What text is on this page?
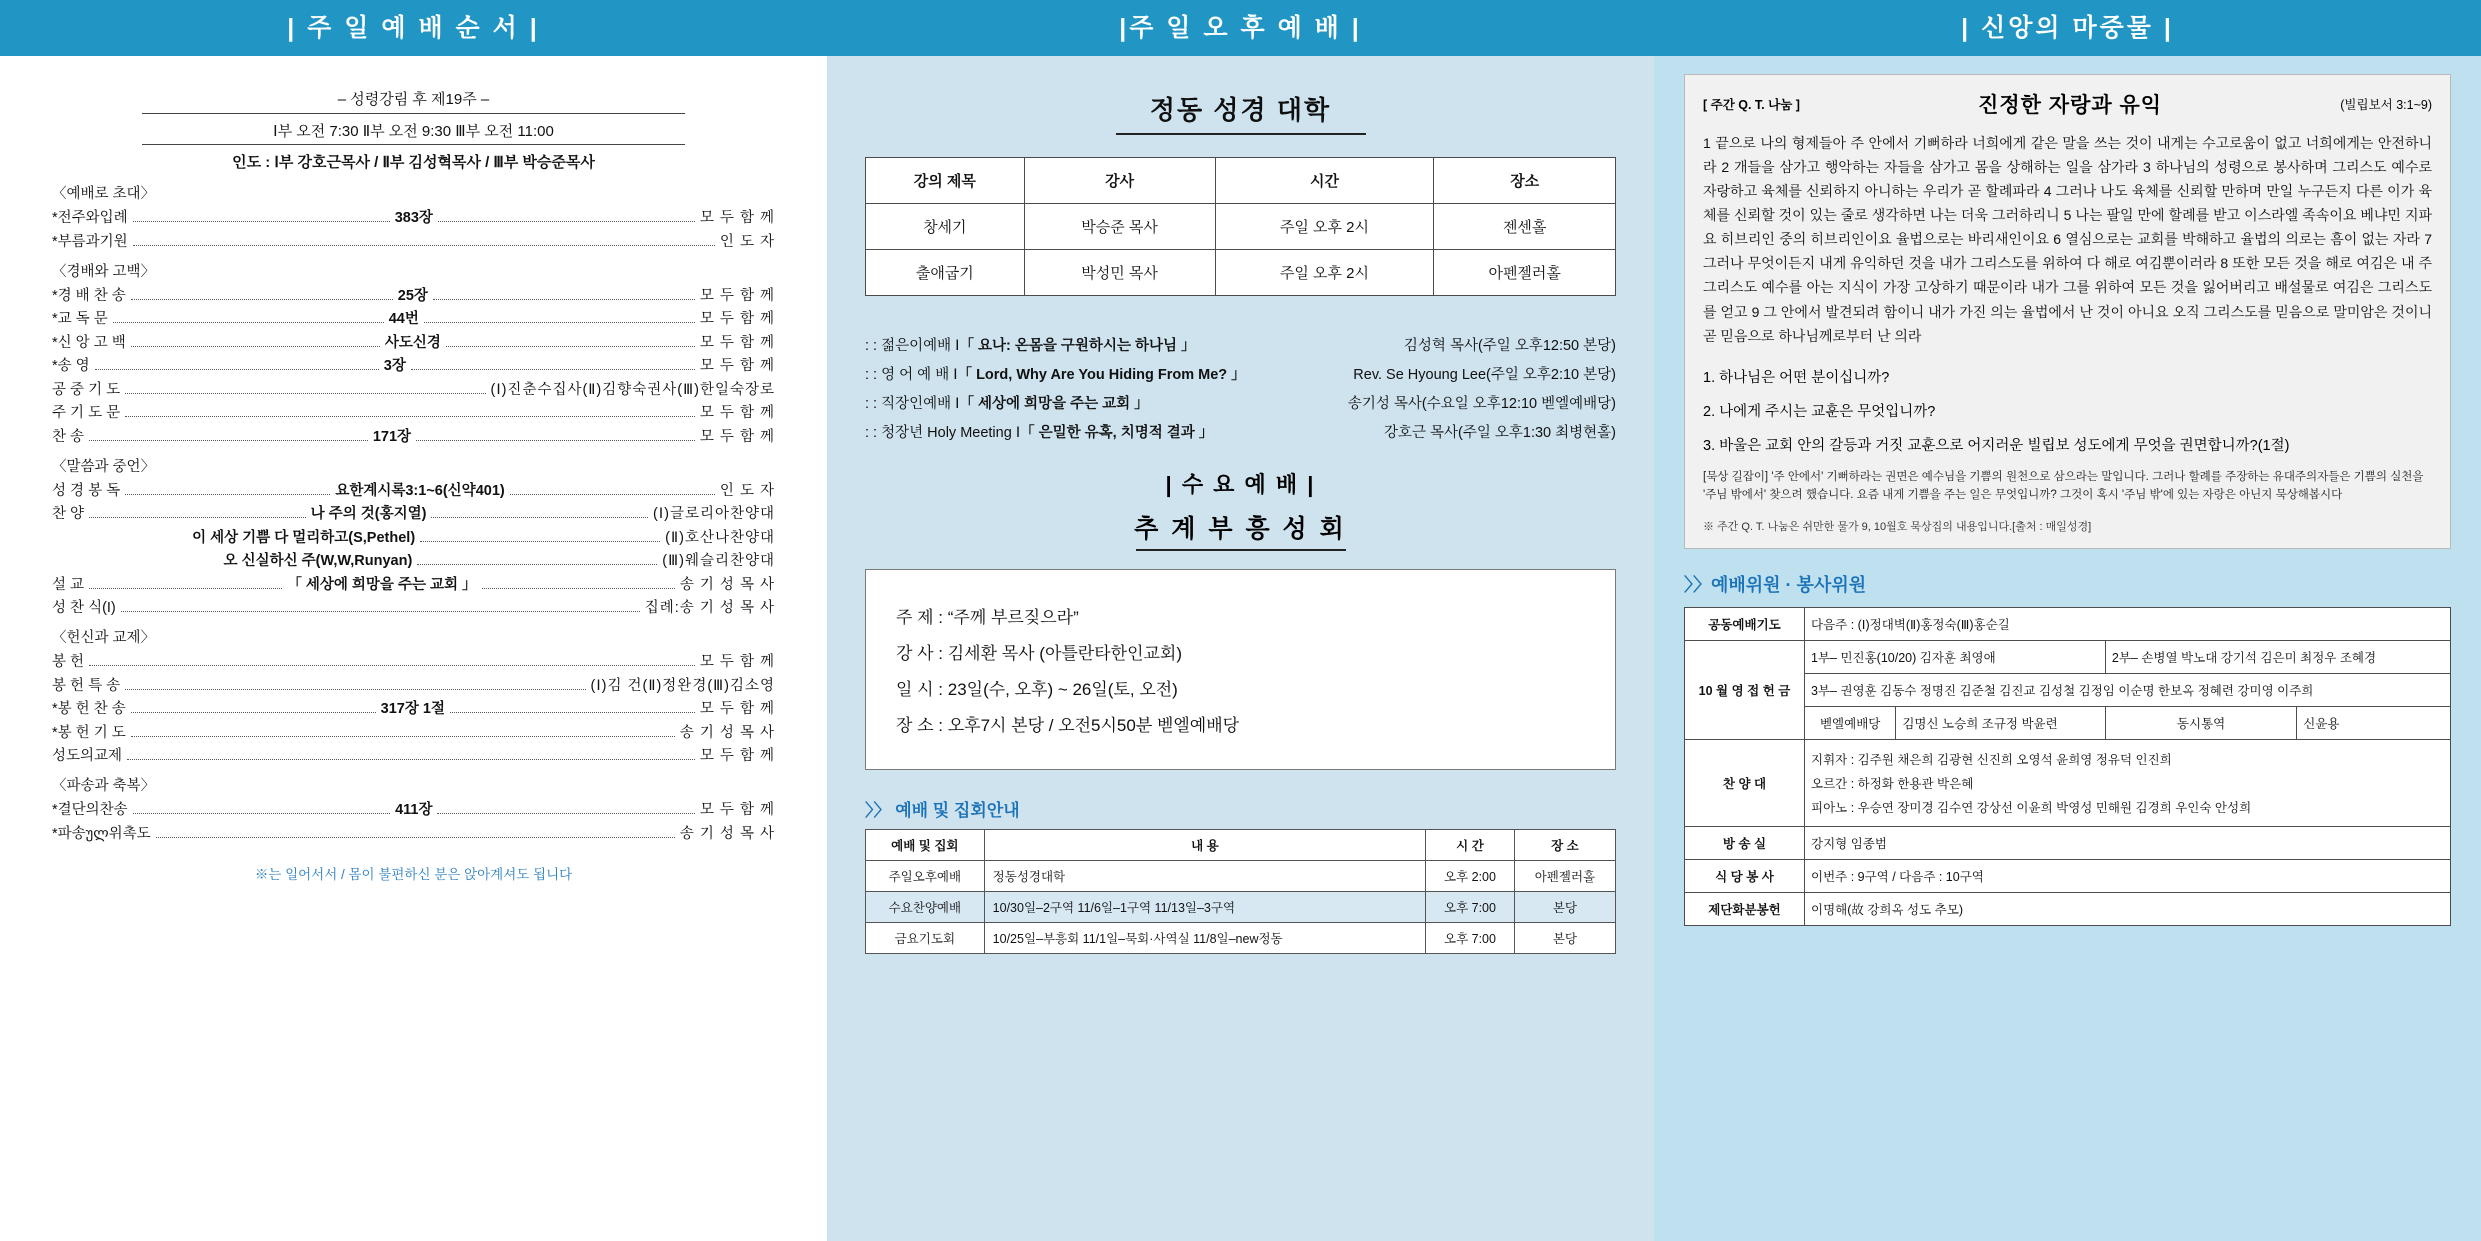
| 주 일 예 배 순 서 |
– 성령강림 후 제19주 –
Ⅰ부 오전 7:30 Ⅱ부 오전 9:30 Ⅲ부 오전 11:00
인도 : Ⅰ부 강호근목사 / Ⅱ부 김성혁목사 / Ⅲ부 박승준목사
〈예배로 초대〉
*전주와입례	383장	모 두 함 께
*부름과기원	인 도 자
〈경배와 고백〉
*경 배 찬 송	25장	모 두 함 께
*교 독 문	44번	모 두 함 께
*신 앙 고 백	사도신경	모 두 함 께
*송 영	3장	모 두 함 께
공 중 기 도	(Ⅰ)진춘수집사(Ⅱ)김향숙권사(Ⅲ)한일숙장로
주 기 도 문	모 두 함 께
찬 송	171장	모 두 함 께
〈말씀과 중언〉
성 경 봉 독	요한계시록3:1~6(신약401)	인 도 자
찬 양	나 주의 것(홍지열)	(Ⅰ)글로리아찬양대
이 세상 기쁨 다 멀리하고(S,Pethel)	(Ⅱ)호산나찬양대
오 신실하신 주(W,W,Runyan)	(Ⅲ)웨슬리찬양대
설 교	「 세상에 희망을 주는 교회 」	송 기 성 목 사
성 찬 식(I)	집례:송 기 성 목 사
〈헌신과 교제〉
봉 헌	모 두 함 께
봉 헌 특 송	(Ⅰ)김 건(Ⅱ)정완경(Ⅲ)김소영
*봉 헌 찬 송	317장 1절	모 두 함 께
*봉 헌 기 도	송 기 성 목 사
성도의교제	모 두 함 께
〈파송과 축복〉
*결단의찬송	411장	모 두 함 께
*파송ულ위촉도	송 기 성 목 사
※는 일어서서 / 몸이 불편하신 분은 앉아계셔도 됩니다
|주 일 오 후 예 배 |
정동 성경 대학
강의 제목	강사	시간	장소
창세기	박승준 목사	주일 오후 2시	젠센홀
출애굽기	박성민 목사	주일 오후 2시	아펜젤러홀
: : 젊은이예배 Ⅰ 「 요나: 온몸을 구원하시는 하나님 」	김성혁 목사(주일 오후12:50 본당)
: : 영 어 예 배 Ⅰ 「 Lord, Why Are You Hiding From Me? 」	Rev. Se Hyoung Lee(주일 오후2:10 본당)
: : 직장인예배 Ⅰ 「 세상에 희망을 주는 교회 」	송기성 목사(수요일 오후12:10 벧엘예배당)
: : 청장년 Holy Meeting Ⅰ 「 은밀한 유혹, 치명적 결과 」	강호근 목사(주일 오후1:30 최병현홀)
| 수 요 예 배 |
추 계 부 흥 성 회
주 제 : “주께 부르짖으라”
강 사 : 김세환 목사 (아틀란타한인교회)
일 시 : 23일(수, 오후) ~ 26일(토, 오전)
장 소 : 오후7시 본당 / 오전5시50분 벧엘예배당
〉〉 예배 및 집회안내
예배 및 집회	내 용	시 간	장 소
주일오후예배	정동성경대학	오후 2:00	아펜젤러홀
수요찬양예배	10/30일–2구역 11/6일–1구역 11/13일–3구역	오후 7:00	본당
금요기도회	10/25일–부흥회 11/1일–묵회·사역실 11/8일–new정동	오후 7:00	본당
| 신앙의 마중물 |
[ 주간 Q. T. 나눔 ]	진정한 자랑과 유익	(빌립보서 3:1~9)
1 끝으로 나의 형제들아 주 안에서 기뻐하라 너희에게 같은 말을 쓰는 것이 내게는 수고로움이 없고 너희에게는 안전하니라 2 개들을 삼가고 행악하는 자들을 삼가고 몸을 상해하는 일을 삼가라 3 하나님의 성령으로 봉사하며 그리스도 예수로 자랑하고 육체를 신뢰하지 아니하는 우리가 곧 할례파라 4 그러나 나도 육체를 신뢰할 만하며 만일 누구든지 다른 이가 육체를 신뢰할 것이 있는 줄로 생각하면 나는 더욱 그러하리니 5 나는 팔일 만에 할례를 받고 이스라엘 족속이요 베냐민 지파요 히브리인 중의 히브리인이요 율법으로는 바리새인이요 6 열심으로는 교회를 박해하고 율법의 의로는 흠이 없는 자라 7 그러나 무엇이든지 내게 유익하던 것을 내가 그리스도를 위하여 다 해로 여김뿐이러라 8 또한 모든 것을 해로 여김은 내 주 그리스도 예수를 아는 지식이 가장 고상하기 때문이라 내가 그를 위하여 모든 것을 잃어버리고 배설물로 여김은 그리스도를 얻고 9 그 안에서 발견되려 함이니 내가 가진 의는 율법에서 난 것이 아니요 오직 그리스도를 믿음으로 말미암은 것이니 곧 믿음으로 하나님께로부터 난 의라

1. 하나님은 어떤 분이십니까?

2. 나에게 주시는 교훈은 무엇입니까?

3. 바울은 교회 안의 갈등과 거짓 교훈으로 어지러운 빌립보 성도에게 무엇을 권면합니까?(1절)

[묵상 길잡이] '주 안에서' 기뻐하라는 권면은 예수님을 기쁨의 원천으로 삼으라는 말입니다. 그러나 할례를 주장하는 유대주의자들은 기쁨의 실천을 '주님 밖에서' 찾으려 했습니다. 요즘 내게 기쁨을 주는 일은 무엇입니까? 그것이 혹시 '주님 밖'에 있는 자랑은 아닌지 묵상해봅시다
※ 주간 Q. T. 나눔은 쉬만한 물가 9, 10월호 묵상집의 내용입니다.[출처 : 매일성경]
〉〉예배위원 · 봉사위원
공동예배기도	다음주 : (Ⅰ)정대벽(Ⅱ)홍정숙(Ⅲ)홍순길			
10 월 영 접 헌 금	1부– 민진홍(10/20) 김자훈 최영애		2부– 손병열 박노대 강기석 김은미 최정우 조혜경	
	3부– 권영훈 김동수 정명진 김준철 김진교 김성철 김정임 이순명 한보옥 정혜련 강미영 이주희			
	벧엘예배당	김명신 노승희 조규정 박윤련	동시통역	신윤용
찬 양 대	지휘자 : 김주원 채은희 김광현 신진희 오영석 윤희영 정유덕 인진희
오르간 : 하정화 한용관 박은혜
피아노 : 우승연 장미경 김수연 강상선 이윤희 박영성 민해원 김경희 우인숙 안성희			

방 송 실	강지형 임종범			
식 당 봉 사	이번주 : 9구역 / 다음주 : 10구역			
제단화분봉헌	이명해(故 강희옥 성도 추모)			
